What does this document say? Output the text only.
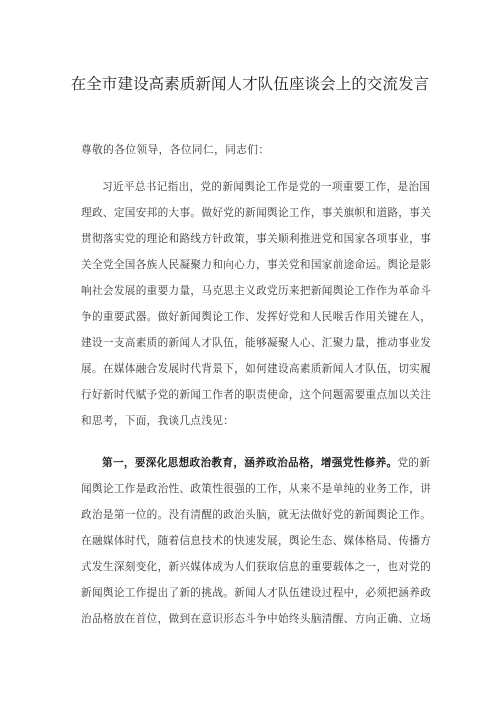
在全市建设高素质新闻人才队伍座谈会上的交流发言
尊敬的各位领导，各位同仁，同志们：
习近平总书记指出，党的新闻舆论工作是党的一项重要工作，是治国
理政、定国安邦的大事。做好党的新闻舆论工作，事关旗帜和道路，事关
贯彻落实党的理论和路线方针政策，事关顺利推进党和国家各项事业，事
关全党全国各族人民凝聚力和向心力，事关党和国家前途命运。舆论是影
响社会发展的重要力量，马克思主义政党历来把新闻舆论工作作为革命斗
争的重要武器。做好新闻舆论工作、发挥好党和人民喉舌作用关键在人，
建设一支高素质的新闻人才队伍，能够凝聚人心、汇聚力量，推动事业发
展。在媒体融合发展时代背景下，如何建设高素质新闻人才队伍，切实履
行好新时代赋予党的新闻工作者的职责使命，这个问题需要重点加以关注
和思考，下面，我谈几点浅见：
第一，要深化思想政治教育，涵养政治品格，增强党性修养。党的新
闻舆论工作是政治性、政策性很强的工作，从来不是单纯的业务工作，讲
政治是第一位的。没有清醒的政治头脑，就无法做好党的新闻舆论工作。
在融媒体时代，随着信息技术的快速发展，舆论生态、媒体格局、传播方
式发生深刻变化，新兴媒体成为人们获取信息的重要载体之一，也对党的
新闻舆论工作提出了新的挑战。新闻人才队伍建设过程中，必须把涵养政
治品格放在首位，做到在意识形态斗争中始终头脑清醒、方向正确、立场
